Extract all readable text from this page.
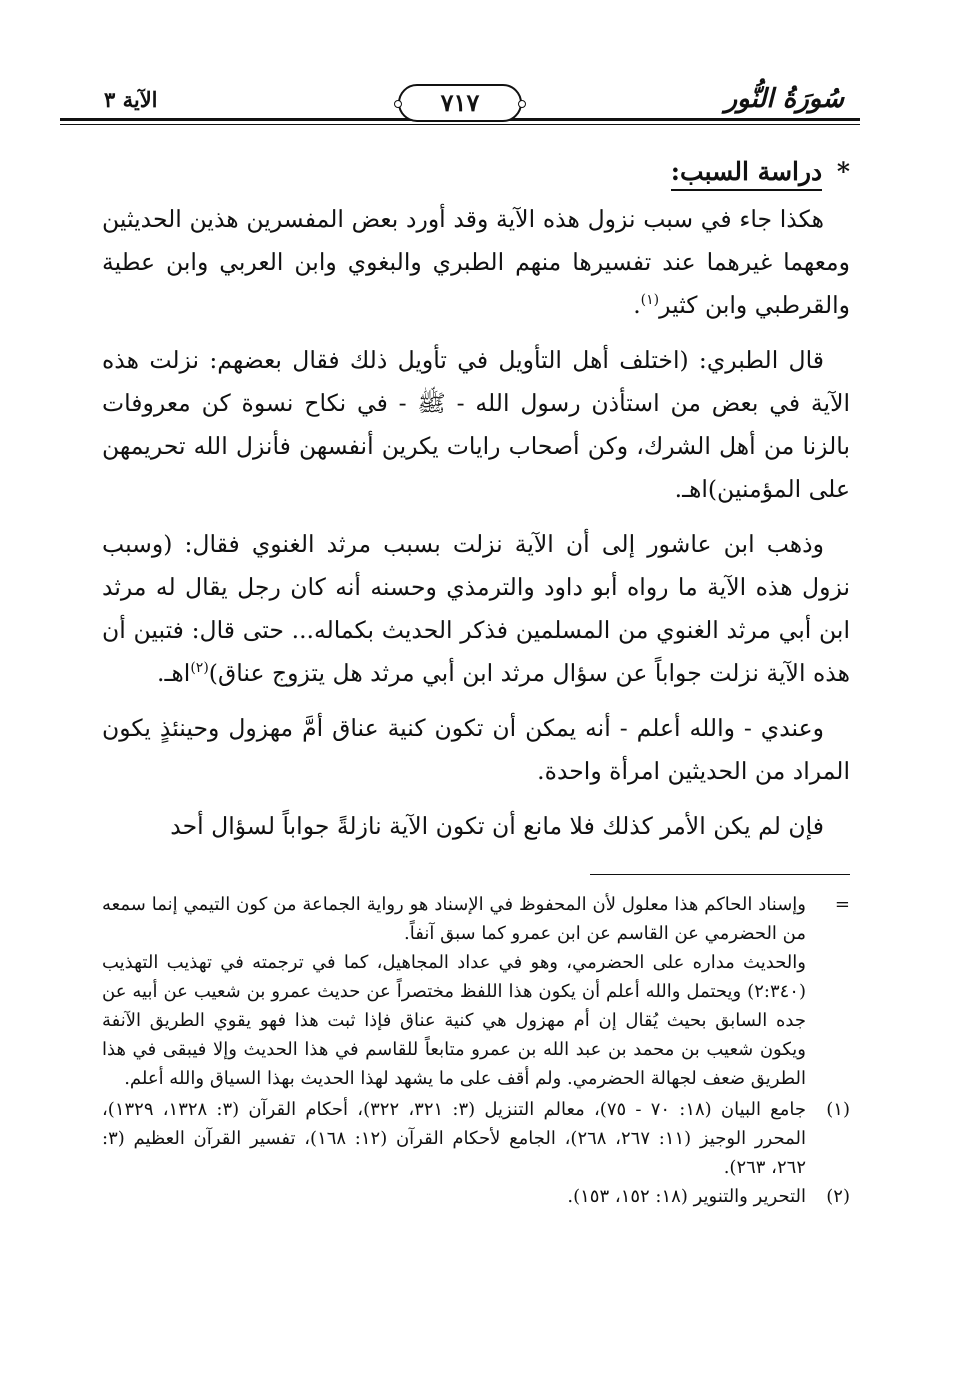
سُورَةُ النُّور
٧١٧
الآية ٣
* دراسة السبب:

هكذا جاء في سبب نزول هذه الآية وقد أورد بعض المفسرين هذين الحديثين ومعهما غيرهما عند تفسيرها منهم الطبري والبغوي وابن العربي وابن عطية والقرطبي وابن كثير$^{(١)}$.

قال الطبري: (اختلف أهل التأويل في تأويل ذلك فقال بعضهم: نزلت هذه الآية في بعض من استأذن رسول الله - ﷺ - في نكاح نسوة كن معروفات بالزنا من أهل الشرك، وكن أصحاب رايات يكرين أنفسهن فأنزل الله تحريمهن على المؤمنين)اهـ.

وذهب ابن عاشور إلى أن الآية نزلت بسبب مرثد الغنوي فقال: (وسبب نزول هذه الآية ما رواه أبو داود والترمذي وحسنه أنه كان رجل يقال له مرثد ابن أبي مرثد الغنوي من المسلمين فذكر الحديث بكماله... حتى قال: فتبين أن هذه الآية نزلت جواباً عن سؤال مرثد ابن أبي مرثد هل يتزوج عناق)$^{(٢)}$اهـ.

وعندي - والله أعلم - أنه يمكن أن تكون كنية عناق أمَّ مهزول وحينئذٍ يكون المراد من الحديثين امرأة واحدة.

فإن لم يكن الأمر كذلك فلا مانع أن تكون الآية نازلةً جواباً لسؤال أحد

=

وإسناد الحاكم هذا معلول لأن المحفوظ في الإسناد هو رواية الجماعة من كون التيمي إنما سمعه من الحضرمي عن القاسم عن ابن عمرو كما سبق آنفاً.

والحديث مداره على الحضرمي، وهو في عداد المجاهيل، كما في ترجمته في تهذيب التهذيب (٢:٣٤٠) ويحتمل والله أعلم أن يكون هذا اللفظ مختصراً عن حديث عمرو بن شعيب عن أبيه عن جده السابق بحيث يُقال إن أم مهزول هي كنية عناق فإذا ثبت هذا فهو يقوي الطريق الآنفة ويكون شعيب بن محمد بن عبد الله بن عمرو متابعاً للقاسم في هذا الحديث وإلا فيبقى في هذا الطريق ضعف لجهالة الحضرمي. ولم أقف على ما يشهد لهذا الحديث بهذا السياق والله أعلم.

(١)
جامع البيان (١٨: ٧٠ - ٧٥)، معالم التنزيل (٣: ٣٢١، ٣٢٢)، أحكام القرآن (٣: ١٣٢٨، ١٣٢٩)، المحرر الوجيز (١١: ٢٦٧، ٢٦٨)، الجامع لأحكام القرآن (١٢: ١٦٨)، تفسير القرآن العظيم (٣: ٢٦٢، ٢٦٣).
(٢)
التحرير والتنوير (١٨: ١٥٢، ١٥٣).
